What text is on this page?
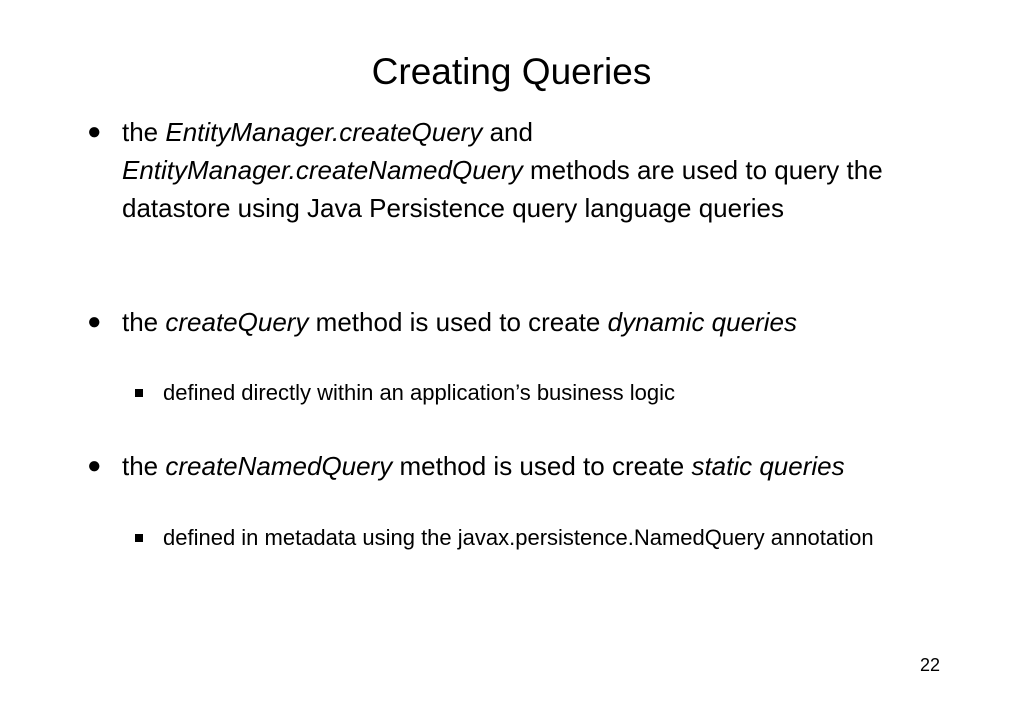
Creating Queries
● the EntityManager.createQuery and
EntityManager.createNamedQuery methods are used to query the datastore using Java Persistence query language queries
● the createQuery method is used to create dynamic queries
defined directly within an application’s business logic
● the createNamedQuery method is used to create static queries
defined in metadata using the javax.persistence.NamedQuery annotation
22
